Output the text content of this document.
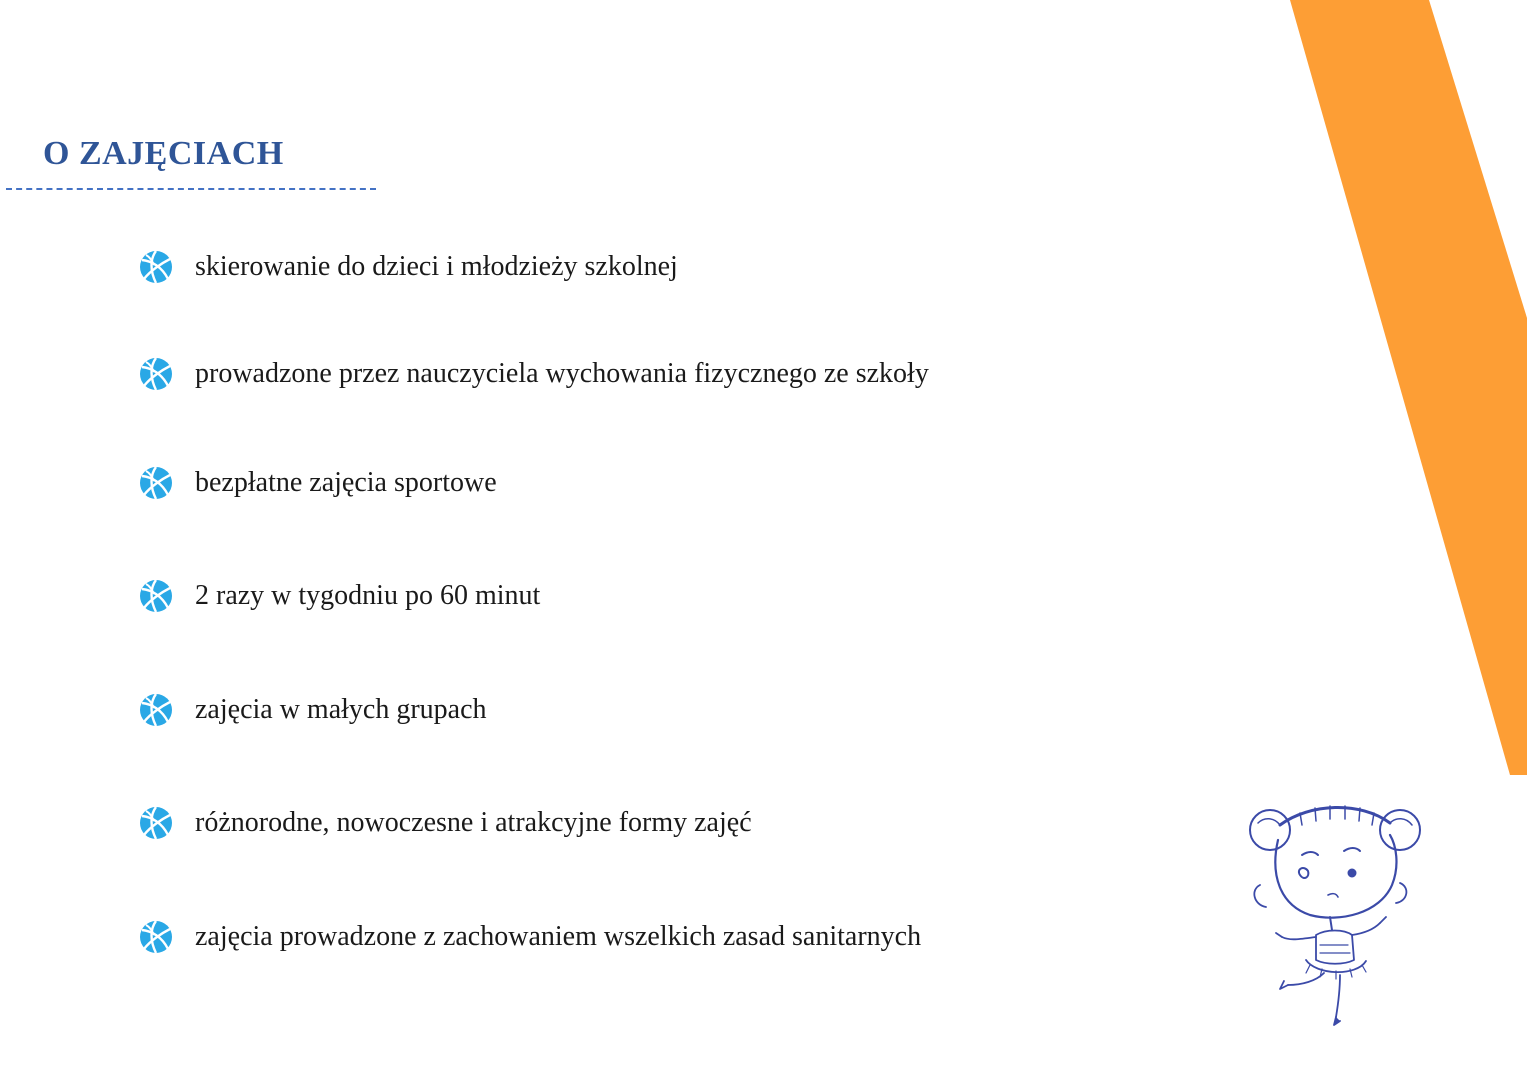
O ZAJĘCIACH
skierowanie do dzieci i młodzieży szkolnej
prowadzone przez nauczyciela wychowania fizycznego ze szkoły
bezpłatne zajęcia sportowe
2 razy w tygodniu po 60 minut
zajęcia w małych grupach
różnorodne, nowoczesne i atrakcyjne formy zajęć
zajęcia prowadzone z zachowaniem wszelkich zasad sanitarnych
